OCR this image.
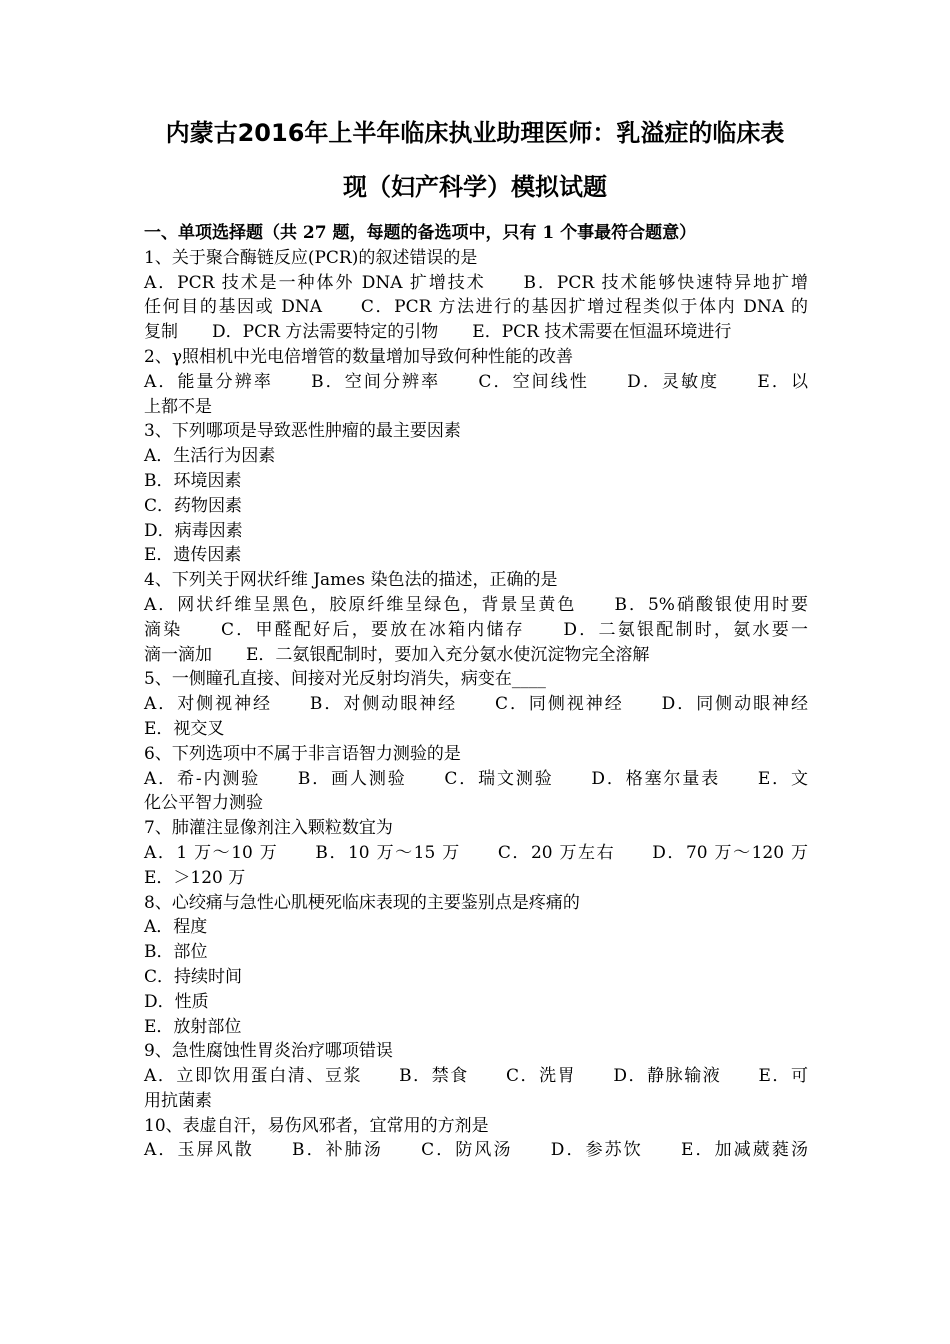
内蒙古2016年上半年临床执业助理医师：乳溢症的临床表
现（妇产科学）模拟试题
一、单项选择题（共 27 题，每题的备选项中，只有 1 个事最符合题意）
1、关于聚合酶链反应(PCR)的叙述错误的是
A．PCR 技术是一种体外 DNA 扩增技术　　B．PCR 技术能够快速特异地扩增
任何目的基因或 DNA　　C．PCR 方法进行的基因扩增过程类似于体内 DNA 的
复制　　D．PCR 方法需要特定的引物　　E．PCR 技术需要在恒温环境进行
2、γ照相机中光电倍增管的数量增加导致何种性能的改善
A．能量分辨率　　B．空间分辨率　　C．空间线性　　D．灵敏度　　E．以
上都不是
3、下列哪项是导致恶性肿瘤的最主要因素
A．生活行为因素
B．环境因素
C．药物因素
D．病毒因素
E．遗传因素
4、下列关于网状纤维 James 染色法的描述，正确的是
A．网状纤维呈黑色，胶原纤维呈绿色，背景呈黄色　　B．5%硝酸银使用时要
滴染　　C．甲醛配好后，要放在冰箱内储存　　D．二氨银配制时，氨水要一
滴一滴加　　E．二氨银配制时，要加入充分氨水使沉淀物完全溶解
5、一侧瞳孔直接、间接对光反射均消失，病变在____
A．对侧视神经　　B．对侧动眼神经　　C．同侧视神经　　D．同侧动眼神经
E．视交叉
6、下列选项中不属于非言语智力测验的是
A．希-内测验　　B．画人测验　　C．瑞文测验　　D．格塞尔量表　　E．文
化公平智力测验
7、肺灌注显像剂注入颗粒数宜为
A．1 万～10 万　　B．10 万～15 万　　C．20 万左右　　D．70 万～120 万
E．＞120 万
8、心绞痛与急性心肌梗死临床表现的主要鉴别点是疼痛的
A．程度
B．部位
C．持续时间
D．性质
E．放射部位
9、急性腐蚀性胃炎治疗哪项错误
A．立即饮用蛋白清、豆浆　　B．禁食　　C．洗胃　　D．静脉输液　　E．可
用抗菌素
10、表虚自汗，易伤风邪者，宜常用的方剂是
A．玉屏风散　　B．补肺汤　　C．防风汤　　D．参苏饮　　E．加减葳蕤汤
